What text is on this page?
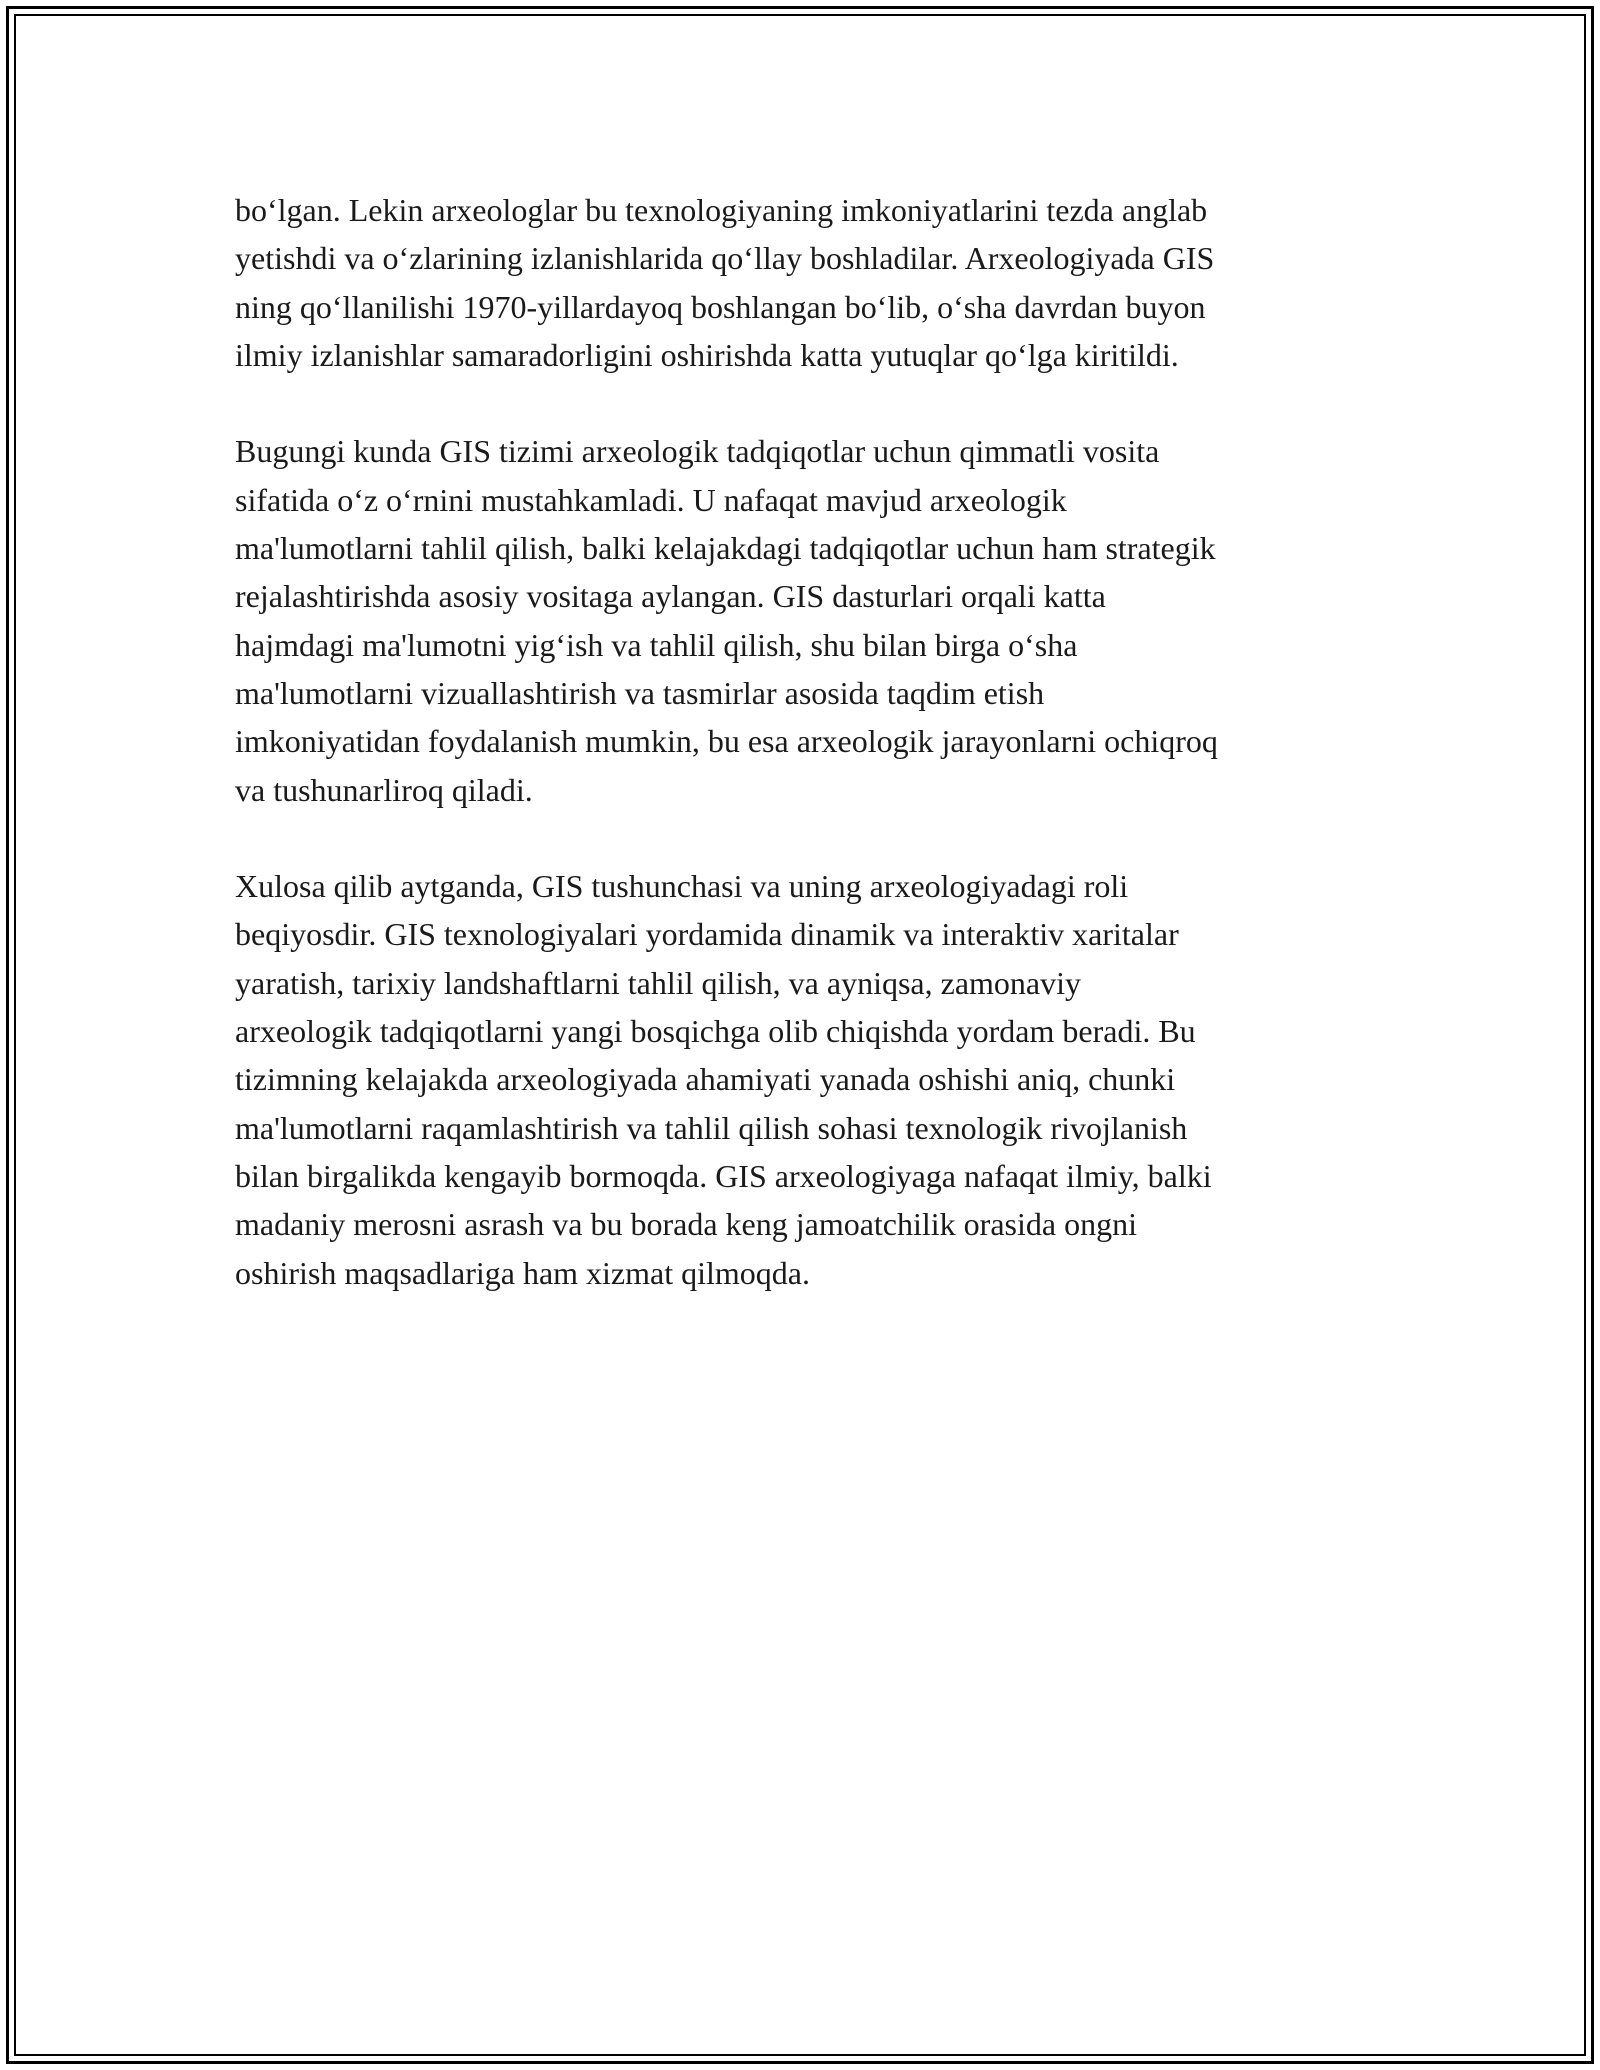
bo‘lgan. Lekin arxeologlar bu texnologiyaning imkoniyatlarini tezda anglab
yetishdi va o‘zlarining izlanishlarida qo‘llay boshladilar. Arxeologiyada GIS
ning qo‘llanilishi 1970-yillardayoq boshlangan bo‘lib, o‘sha davrdan buyon
ilmiy izlanishlar samaradorligini oshirishda katta yutuqlar qo‘lga kiritildi.
Bugungi kunda GIS tizimi arxeologik tadqiqotlar uchun qimmatli vosita
sifatida o‘z o‘rnini mustahkamladi. U nafaqat mavjud arxeologik
ma'lumotlarni tahlil qilish, balki kelajakdagi tadqiqotlar uchun ham strategik
rejalashtirishda asosiy vositaga aylangan. GIS dasturlari orqali katta
hajmdagi ma'lumotni yig‘ish va tahlil qilish, shu bilan birga o‘sha
ma'lumotlarni vizuallashtirish va tasmirlar asosida taqdim etish
imkoniyatidan foydalanish mumkin, bu esa arxeologik jarayonlarni ochiqroq
va tushunarliroq qiladi.
Xulosa qilib aytganda, GIS tushunchasi va uning arxeologiyadagi roli
beqiyosdir. GIS texnologiyalari yordamida dinamik va interaktiv xaritalar
yaratish, tarixiy landshaftlarni tahlil qilish, va ayniqsa, zamonaviy
arxeologik tadqiqotlarni yangi bosqichga olib chiqishda yordam beradi. Bu
tizimning kelajakda arxeologiyada ahamiyati yanada oshishi aniq, chunki
ma'lumotlarni raqamlashtirish va tahlil qilish sohasi texnologik rivojlanish
bilan birgalikda kengayib bormoqda. GIS arxeologiyaga nafaqat ilmiy, balki
madaniy merosni asrash va bu borada keng jamoatchilik orasida ongni
oshirish maqsadlariga ham xizmat qilmoqda.
